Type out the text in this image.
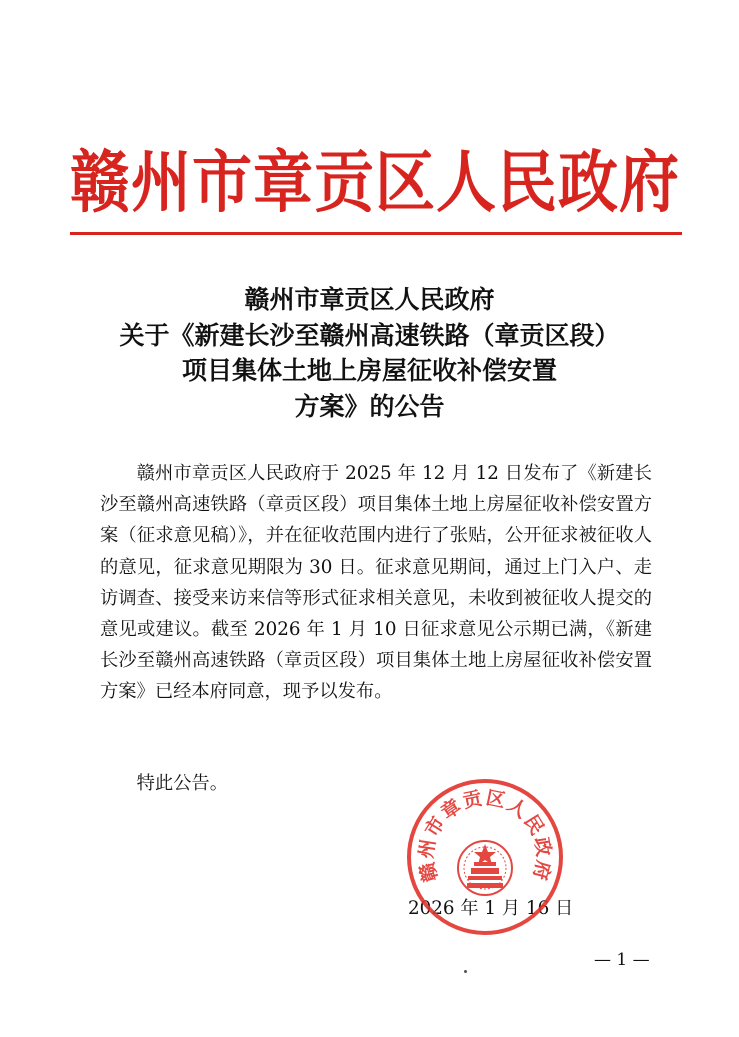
赣州市章贡区人民政府
赣州市章贡区人民政府
关于《新建长沙至赣州高速铁路（章贡区段）
项目集体土地上房屋征收补偿安置
方案》的公告

赣州市章贡区人民政府于 2025 年 12 月 12 日发布了《新建长沙至赣州高速铁路（章贡区段）项目集体土地上房屋征收补偿安置方案（征求意见稿）》，并在征收范围内进行了张贴，公开征求被征收人的意见，征求意见期限为 30 日。征求意见期间，通过上门入户、走访调查、接受来访来信等形式征求相关意见，未收到被征收人提交的意见或建议。截至 2026 年 1 月 10 日征求意见公示期已满，《新建长沙至赣州高速铁路（章贡区段）项目集体土地上房屋征收补偿安置方案》已经本府同意，现予以发布。

特此公告。
2026 年 1 月 16 日
赣州市章贡区人民政府
— 1 —
